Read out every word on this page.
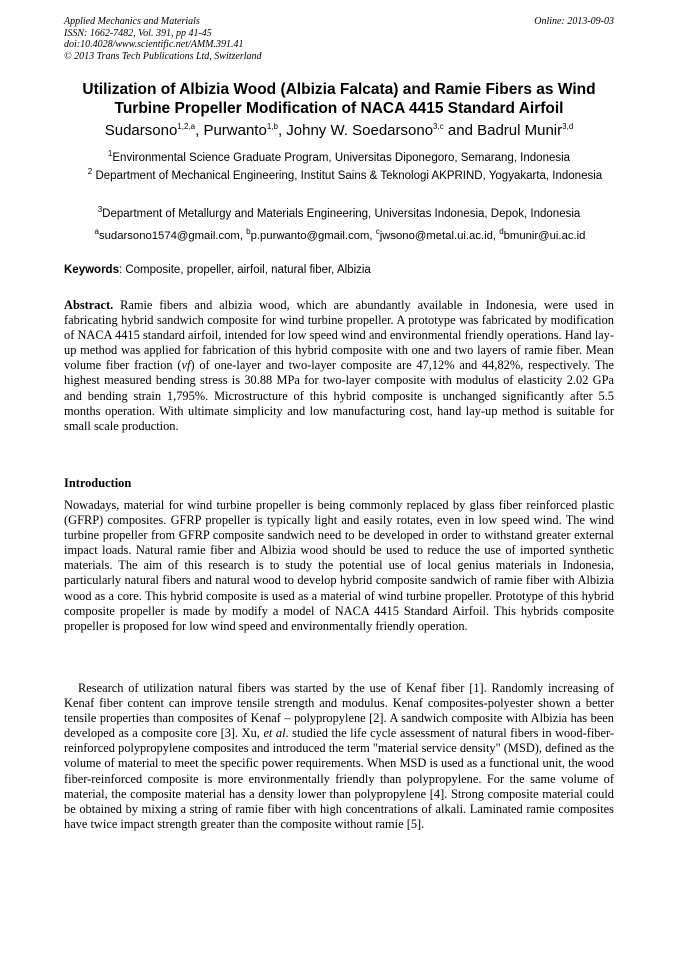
Applied Mechanics and Materials
ISSN: 1662-7482, Vol. 391, pp 41-45
doi:10.4028/www.scientific.net/AMM.391.41
© 2013 Trans Tech Publications Ltd, Switzerland
Online: 2013-09-03
Utilization of Albizia Wood (Albizia Falcata) and Ramie Fibers as Wind Turbine Propeller Modification of NACA 4415 Standard Airfoil
Sudarsono$^{1,2,a}$, Purwanto$^{1,b}$, Johny W. Soedarsono$^{3,c}$ and Badrul Munir$^{3,d}$
$^1$Environmental Science Graduate Program, Universitas Diponegoro, Semarang, Indonesia
$^2$ Department of Mechanical Engineering, Institut Sains & Teknologi AKPRIND, Yogyakarta, Indonesia
$^3$Department of Metallurgy and Materials Engineering, Universitas Indonesia, Depok, Indonesia
$^a$sudarsono1574@gmail.com, $^b$p.purwanto@gmail.com, $^c$jwsono@metal.ui.ac.id, $^d$bmunir@ui.ac.id
Keywords: Composite, propeller, airfoil, natural fiber, Albizia
Abstract. Ramie fibers and albizia wood, which are abundantly available in Indonesia, were used in fabricating hybrid sandwich composite for wind turbine propeller. A prototype was fabricated by modification of NACA 4415 standard airfoil, intended for low speed wind and environmental friendly operations. Hand lay-up method was applied for fabrication of this hybrid composite with one and two layers of ramie fiber. Mean volume fiber fraction (vf) of one-layer and two-layer composite are 47,12% and 44,82%, respectively. The highest measured bending stress is 30.88 MPa for two-layer composite with modulus of elasticity 2.02 GPa and bending strain 1,795%. Microstructure of this hybrid composite is unchanged significantly after 5.5 months operation. With ultimate simplicity and low manufacturing cost, hand lay-up method is suitable for small scale production.
Introduction
Nowadays, material for wind turbine propeller is being commonly replaced by glass fiber reinforced plastic (GFRP) composites. GFRP propeller is typically light and easily rotates, even in low speed wind. The wind turbine propeller from GFRP composite sandwich need to be developed in order to withstand greater external impact loads. Natural ramie fiber and Albizia wood should be used to reduce the use of imported synthetic materials. The aim of this research is to study the potential use of local genius materials in Indonesia, particularly natural fibers and natural wood to develop hybrid composite sandwich of ramie fiber with Albizia wood as a core. This hybrid composite is used as a material of wind turbine propeller. Prototype of this hybrid composite propeller is made by modify a model of NACA 4415 Standard Airfoil. This hybrids composite propeller is proposed for low wind speed and environmentally friendly operation.
Research of utilization natural fibers was started by the use of Kenaf fiber [1]. Randomly increasing of Kenaf fiber content can improve tensile strength and modulus. Kenaf composites-polyester shown a better tensile properties than composites of Kenaf – polypropylene [2]. A sandwich composite with Albizia has been developed as a composite core [3]. Xu, et al. studied the life cycle assessment of natural fibers in wood-fiber-reinforced polypropylene composites and introduced the term "material service density" (MSD), defined as the volume of material to meet the specific power requirements. When MSD is used as a functional unit, the wood fiber-reinforced composite is more environmentally friendly than polypropylene. For the same volume of material, the composite material has a density lower than polypropylene [4]. Strong composite material could be obtained by mixing a string of ramie fiber with high concentrations of alkali. Laminated ramie composites have twice impact strength greater than the composite without ramie [5].
